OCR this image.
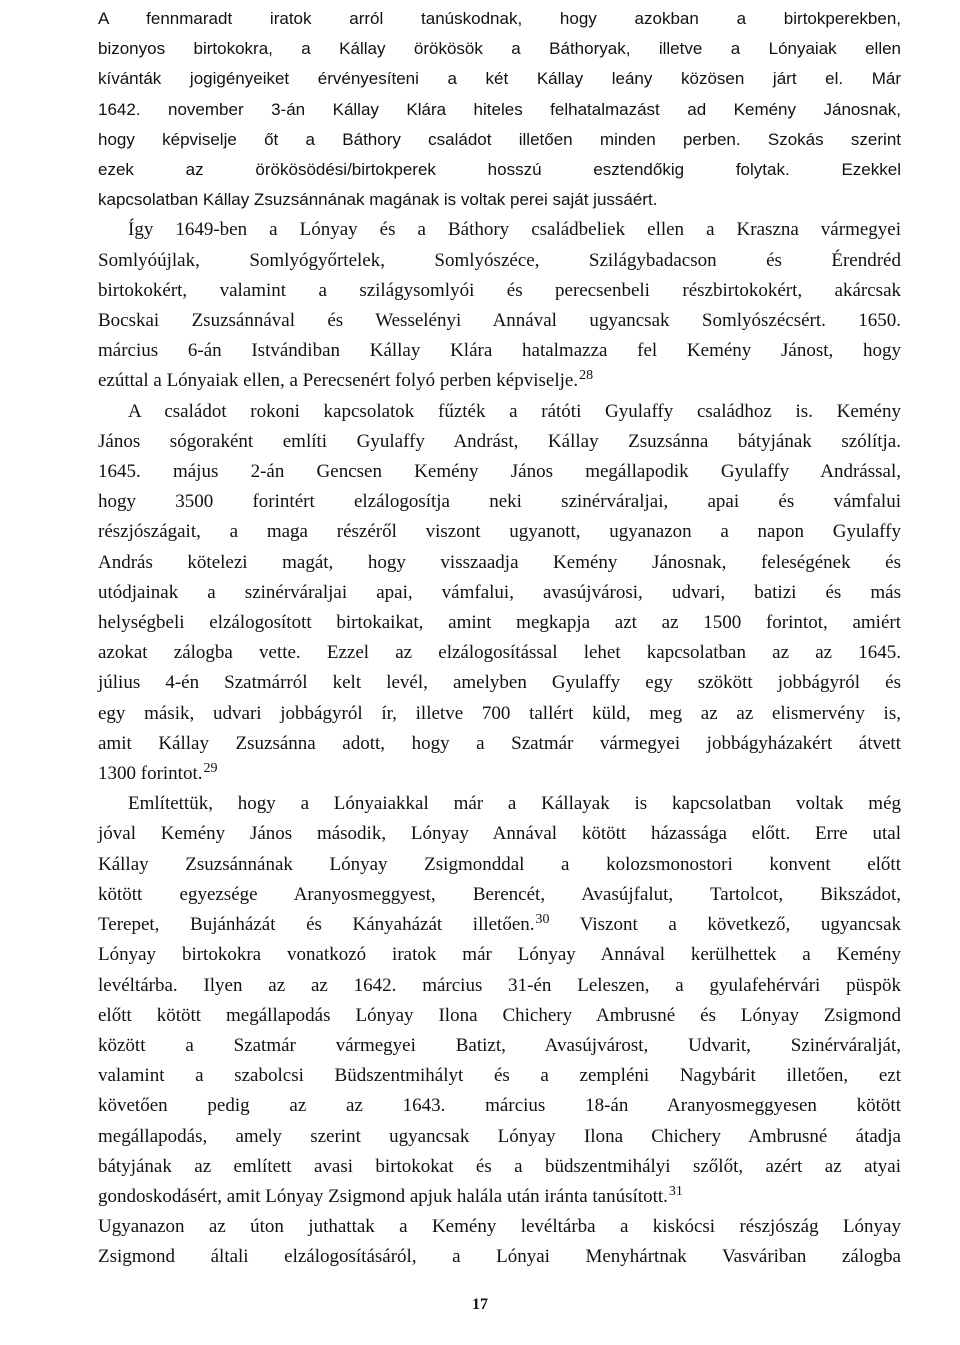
A fennmaradt iratok arról tanúskodnak, hogy azokban a birtokperekben,
bizonyos birtokokra, a Kállay örökösök a Báthoryak, illetve a Lónyaiak ellen
kívánták jogigényeiket érvényesíteni a két Kállay leány közösen járt el. Már
1642. november 3-án Kállay Klára hiteles felhatalmazást ad Kemény Jánosnak,
hogy képviselje őt a Báthory családot illetően minden perben. Szokás szerint
ezek az örökösödési/birtokperek hosszú esztendőkig folytak. Ezekkel
kapcsolatban Kállay Zsuzsánnának magának is voltak perei saját jussáért.
Így 1649-ben a Lónyay és a Báthory családbeliek ellen a Kraszna vármegyei
Somlyóújlak, Somlyógyőrtelek, Somlyószéce, Szilágybadacson és Érendréd
birtokokért, valamint a szilágysomlyói és perecsenbeli részbirtokokért, akárcsak
Bocskai Zsuzsánnával és Wesselényi Annával ugyancsak Somlyószécsért. 1650.
március 6-án Istvándiban Kállay Klára hatalmazza fel Kemény Jánost, hogy
ezúttal a Lónyaiak ellen, a Perecsenért folyó perben képviselje.$^{28}$
A családot rokoni kapcsolatok fűzték a rátóti Gyulaffy családhoz is. Kemény
János sógoraként említi Gyulaffy Andrást, Kállay Zsuzsánna bátyjának szólítja.
1645. május 2-án Gencsen Kemény János megállapodik Gyulaffy Andrással,
hogy 3500 forintért elzálogosítja neki szinérváraljai, apai és vámfalui
részjószágait, a maga részéről viszont ugyanott, ugyanazon a napon Gyulaffy
András kötelezi magát, hogy visszaadja Kemény Jánosnak, feleségének és
utódjainak a szinérváraljai apai, vámfalui, avasújvárosi, udvari, batizi és más
helységbeli elzálogosított birtokaikat, amint megkapja azt az 1500 forintot, amiért
azokat zálogba vette. Ezzel az elzálogosítással lehet kapcsolatban az az 1645.
július 4-én Szatmárról kelt levél, amelyben Gyulaffy egy szökött jobbágyról és
egy másik, udvari jobbágyról ír, illetve 700 tallért küld, meg az az elismervény is,
amit Kállay Zsuzsánna adott, hogy a Szatmár vármegyei jobbágyházakért átvett
1300 forintot.$^{29}$
Említettük, hogy a Lónyaiakkal már a Kállayak is kapcsolatban voltak még
jóval Kemény János második, Lónyay Annával kötött házassága előtt. Erre utal
Kállay Zsuzsánnának Lónyay Zsigmonddal a kolozsmonostori konvent előtt
kötött egyezsége Aranyosmeggyest, Berencét, Avasújfalut, Tartolcot, Bikszádot,
Terepet, Bujánházát és Kányaházát illetően.$^{30}$ Viszont a következő, ugyancsak
Lónyay birtokokra vonatkozó iratok már Lónyay Annával kerülhettek a Kemény
levéltárba. Ilyen az az 1642. március 31-én Leleszen, a gyulafehérvári püspök
előtt kötött megállapodás Lónyay Ilona Chichery Ambrusné és Lónyay Zsigmond
között a Szatmár vármegyei Batizt, Avasújvárost, Udvarit, Szinérváralját,
valamint a szabolcsi Büdszentmihályt és a zempléni Nagybárit illetően, ezt
követően pedig az az 1643. március 18-án Aranyosmeggyesen kötött
megállapodás, amely szerint ugyancsak Lónyay Ilona Chichery Ambrusné átadja
bátyjának az említett avasi birtokokat és a büdszentmihályi szőlőt, azért az atyai
gondoskodásért, amit Lónyay Zsigmond apjuk halála után iránta tanúsított.$^{31}$
Ugyanazon az úton juthattak a Kemény levéltárba a kiskócsi részjószág Lónyay
Zsigmond általi elzálogosításáról, a Lónyai Menyhártnak Vasváriban zálogba
17
